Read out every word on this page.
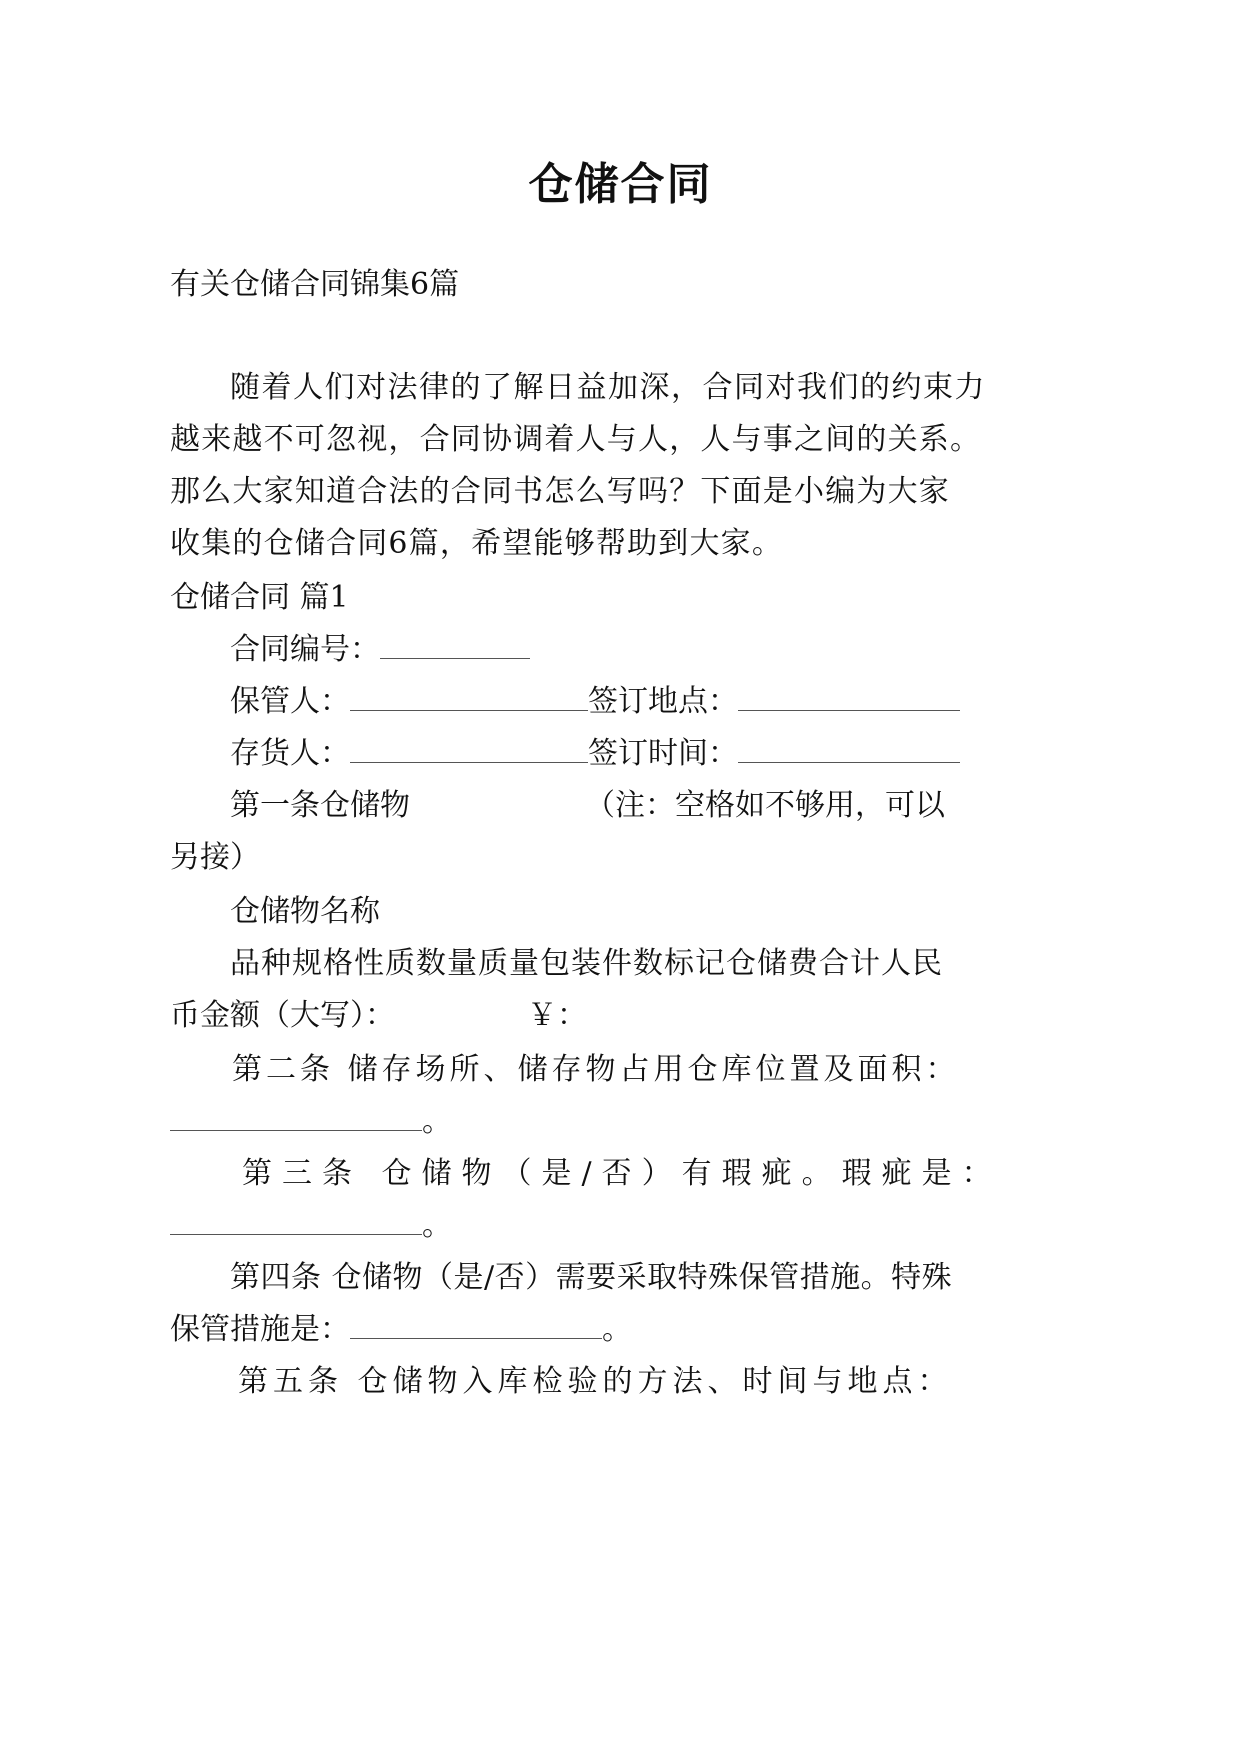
仓储合同
有关仓储合同锦集6篇
随着人们对法律的了解日益加深，合同对我们的约束力
越来越不可忽视，合同协调着人与人，人与事之间的关系。
那么大家知道合法的合同书怎么写吗？下面是小编为大家
收集的仓储合同6篇，希望能够帮助到大家。
仓储合同 篇1
合同编号：
保管人：	签订地点：
存货人：	签订时间：
第一条仓储物	（注：空格如不够用，可以
另接）
仓储物名称
品种规格性质数量质量包装件数标记仓储费合计人民
币金额（大写）：	￥：
第二条 储存场所、储存物占用仓库位置及面积：
。
第三条 仓储物（是/否）有瑕疵。瑕疵是：
。
第四条 仓储物（是/否）需要采取特殊保管措施。特殊
保管措施是：	。
第五条 仓储物入库检验的方法、时间与地点：
